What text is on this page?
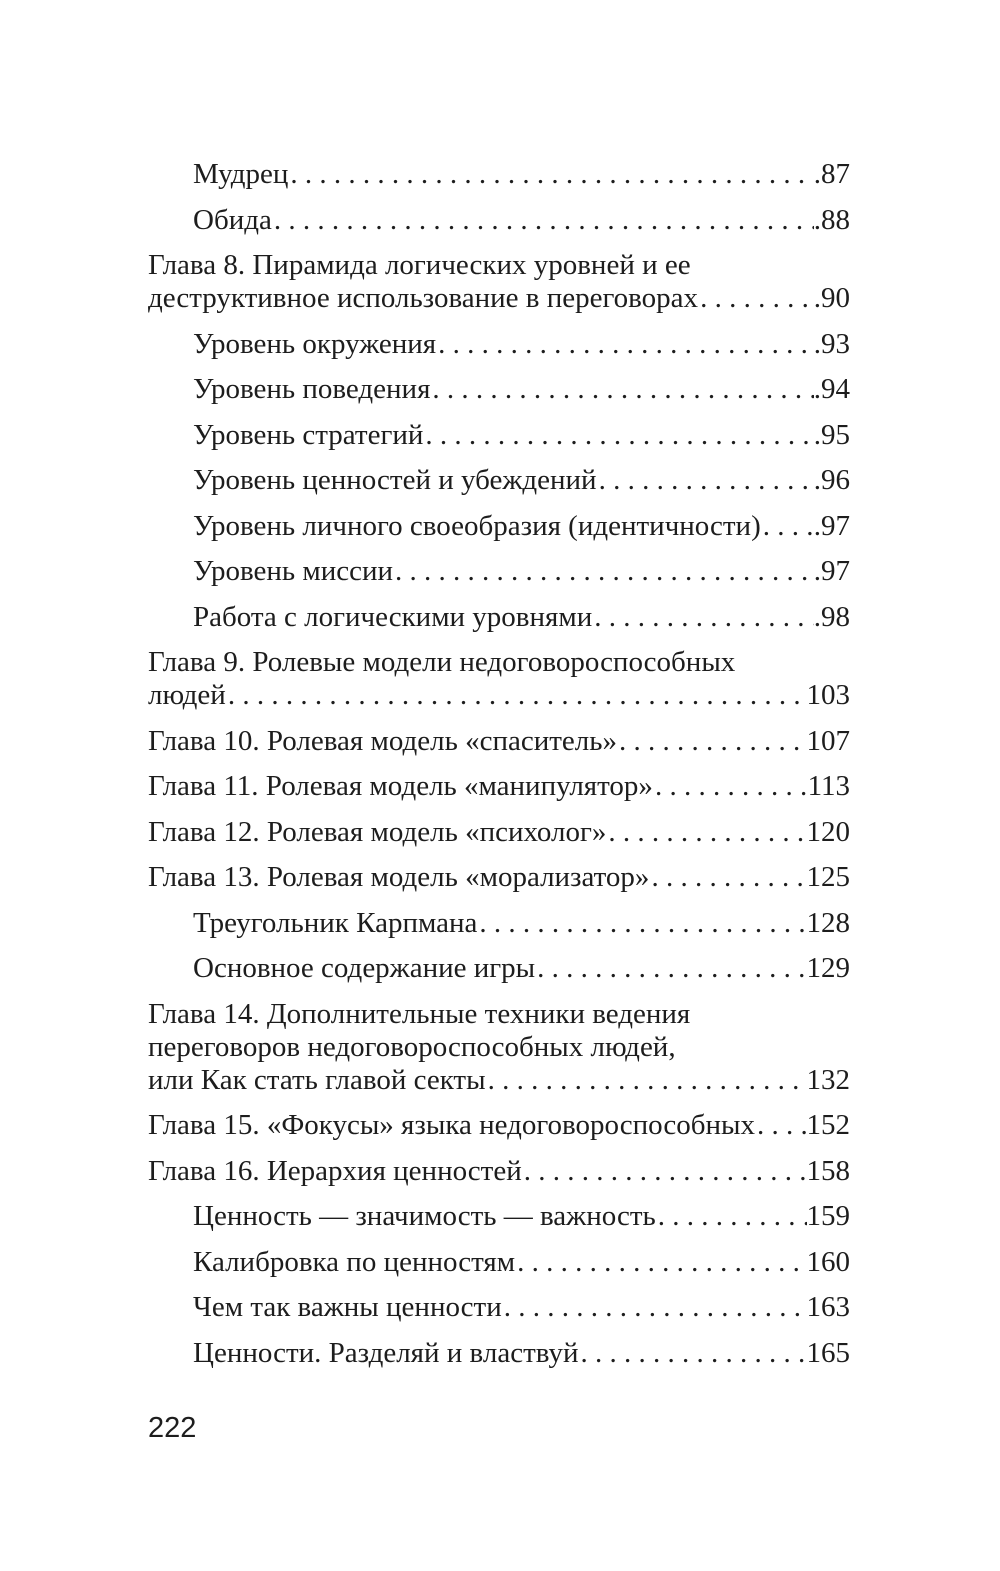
Мудрец . . .	.87
Обида . . .	.88
Глава 8. Пирамида логических уровней и ее
деструктивное использование в переговорах . . .	.90
Уровень окружения . . .	.93
Уровень поведения . . .	.94
Уровень стратегий . . .	.95
Уровень ценностей и убеждений . . .	.96
Уровень личного своеобразия (идентичности) . . . .97
Уровень миссии . . .	.97
Работа с логическими уровнями . . .	.98
Глава 9. Ролевые модели недоговороспособных
людей . . .	103
Глава 10. Ролевая модель «спаситель» . . .	107
Глава 11. Ролевая модель «манипулятор» . . .	113
Глава 12. Ролевая модель «психолог» . . .	120
Глава 13. Ролевая модель «морализатор» . . .	125
Треугольник Карпмана . . .	128
Основное содержание игры . . .	129
Глава 14. Дополнительные техники ведения
переговоров недоговороспособных людей,
или Как стать главой секты . . .	132
Глава 15. «Фокусы» языка недоговороспособных . . . 152
Глава 16. Иерархия ценностей . . .	158
Ценность — значимость — важность . . .	159
Калибровка по ценностям . . .	160
Чем так важны ценности . . .	163
Ценности. Разделяй и властвуй . . .	165
222
